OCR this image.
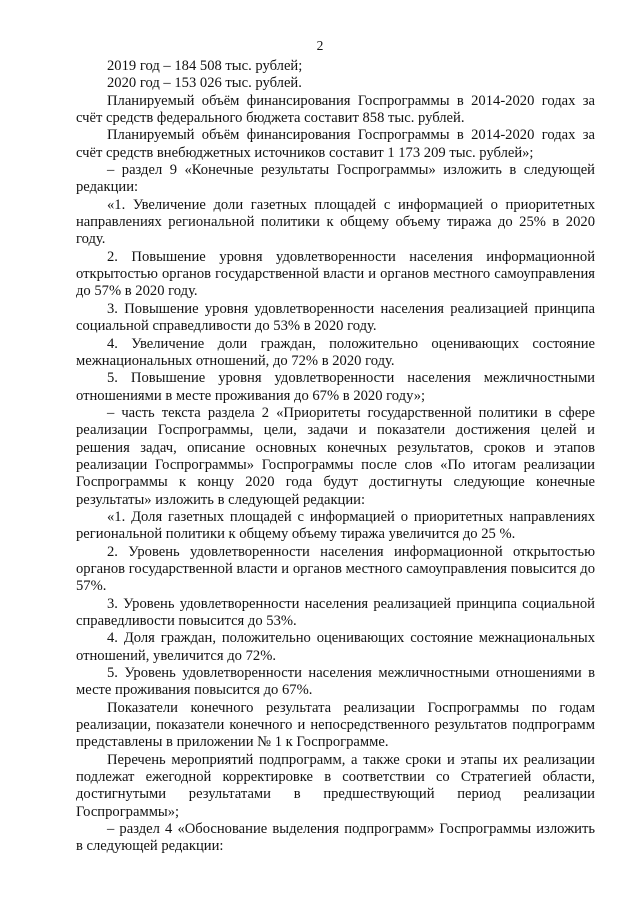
2

2019 год – 184 508 тыс. рублей;

2020 год – 153 026 тыс. рублей.

Планируемый объём финансирования Госпрограммы в 2014-2020 годах за счёт средств федерального бюджета составит 858 тыс. рублей.

Планируемый объём финансирования Госпрограммы в 2014-2020 годах за счёт средств внебюджетных источников составит 1 173 209 тыс. рублей»;

– раздел 9 «Конечные результаты Госпрограммы» изложить в следующей редакции:

«1. Увеличение доли газетных площадей с информацией о приоритетных направлениях региональной политики к общему объему тиража до 25% в 2020 году.

2. Повышение уровня удовлетворенности населения информационной открытостью органов государственной власти и органов местного самоуправления до 57% в 2020 году.

3. Повышение уровня удовлетворенности населения реализацией принципа социальной справедливости до 53% в 2020 году.

4. Увеличение доли граждан, положительно оценивающих состояние межнациональных отношений, до 72% в 2020 году.

5. Повышение уровня удовлетворенности населения межличностными отношениями в месте проживания до 67% в 2020 году»;

– часть текста раздела 2 «Приоритеты государственной политики в сфере реализации Госпрограммы, цели, задачи и показатели достижения целей и решения задач, описание основных конечных результатов, сроков и этапов реализации Госпрограммы» Госпрограммы после слов «По итогам реализации Госпрограммы к концу 2020 года будут достигнуты следующие конечные результаты» изложить в следующей редакции:

«1. Доля газетных площадей с информацией о приоритетных направлениях региональной политики к общему объему тиража увеличится до 25 %.

2. Уровень удовлетворенности населения информационной открытостью органов государственной власти и органов местного самоуправления повысится до 57%.

3. Уровень удовлетворенности населения реализацией принципа социальной справедливости повысится до 53%.

4. Доля граждан, положительно оценивающих состояние межнациональных отношений, увеличится до 72%.

5. Уровень удовлетворенности населения межличностными отношениями в месте проживания повысится до 67%.

Показатели конечного результата реализации Госпрограммы по годам реализации, показатели конечного и непосредственного результатов подпрограмм представлены в приложении № 1 к Госпрограмме.

Перечень мероприятий подпрограмм, а также сроки и этапы их реализации подлежат ежегодной корректировке в соответствии со Стратегией области, достигнутыми результатами в предшествующий период реализации Госпрограммы»;

– раздел 4 «Обоснование выделения подпрограмм» Госпрограммы изложить в следующей редакции:
